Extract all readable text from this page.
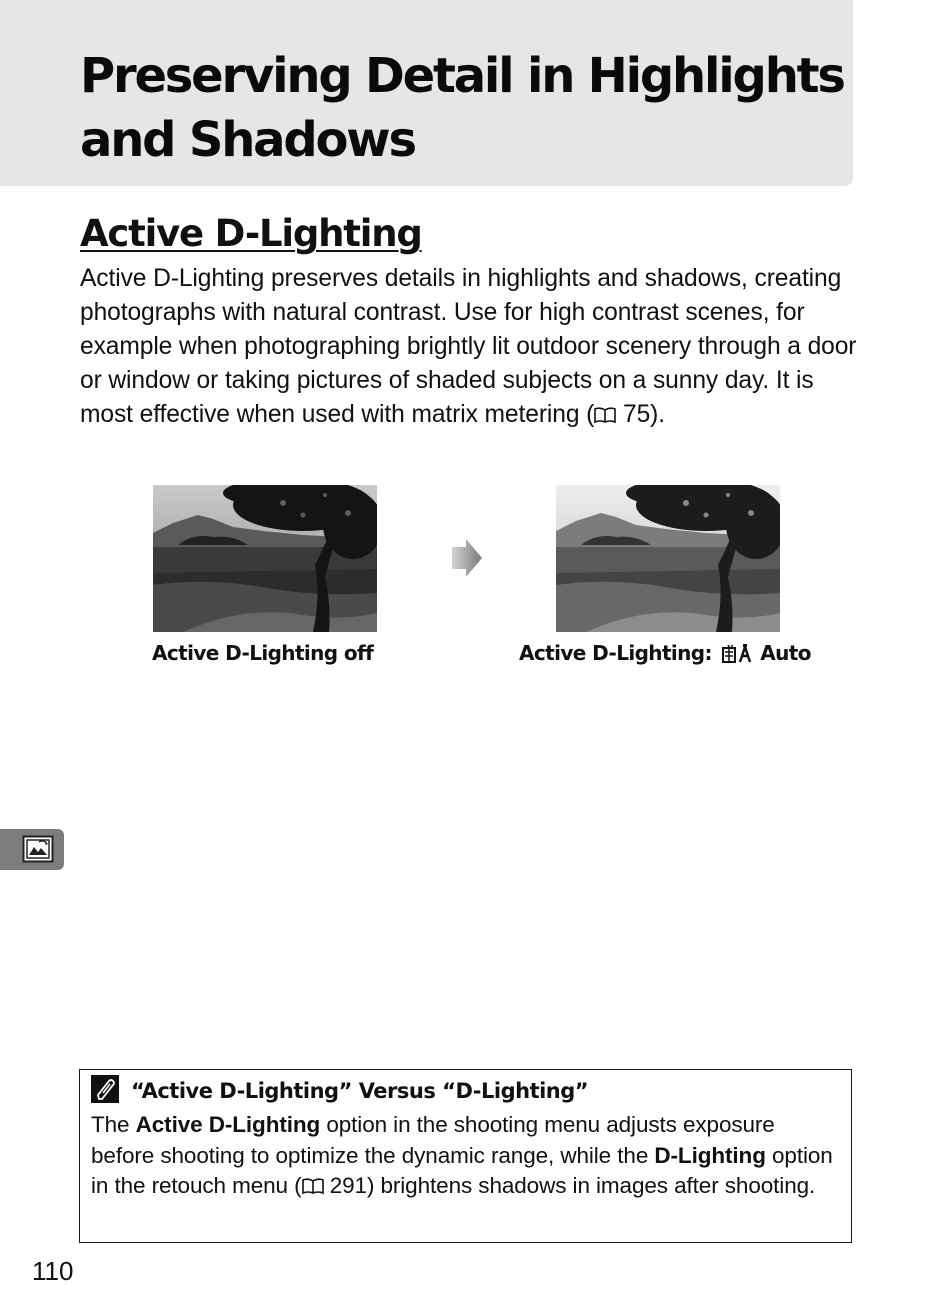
Preserving Detail in Highlights
and Shadows
Active D-Lighting

Active D-Lighting preserves details in highlights and shadows, creating photographs with natural contrast. Use for high contrast scenes, for example when photographing brightly lit outdoor scenery through a door or window or taking pictures of shaded subjects on a sunny day. It is most effective when used with matrix metering ( 75).

Active D-Lighting off	Active D-Lighting: Auto

“Active D-Lighting” Versus “D-Lighting”

The Active D-Lighting option in the shooting menu adjusts exposure before shooting to optimize the dynamic range, while the D-Lighting option in the retouch menu ( 291) brightens shadows in images after shooting.

110
